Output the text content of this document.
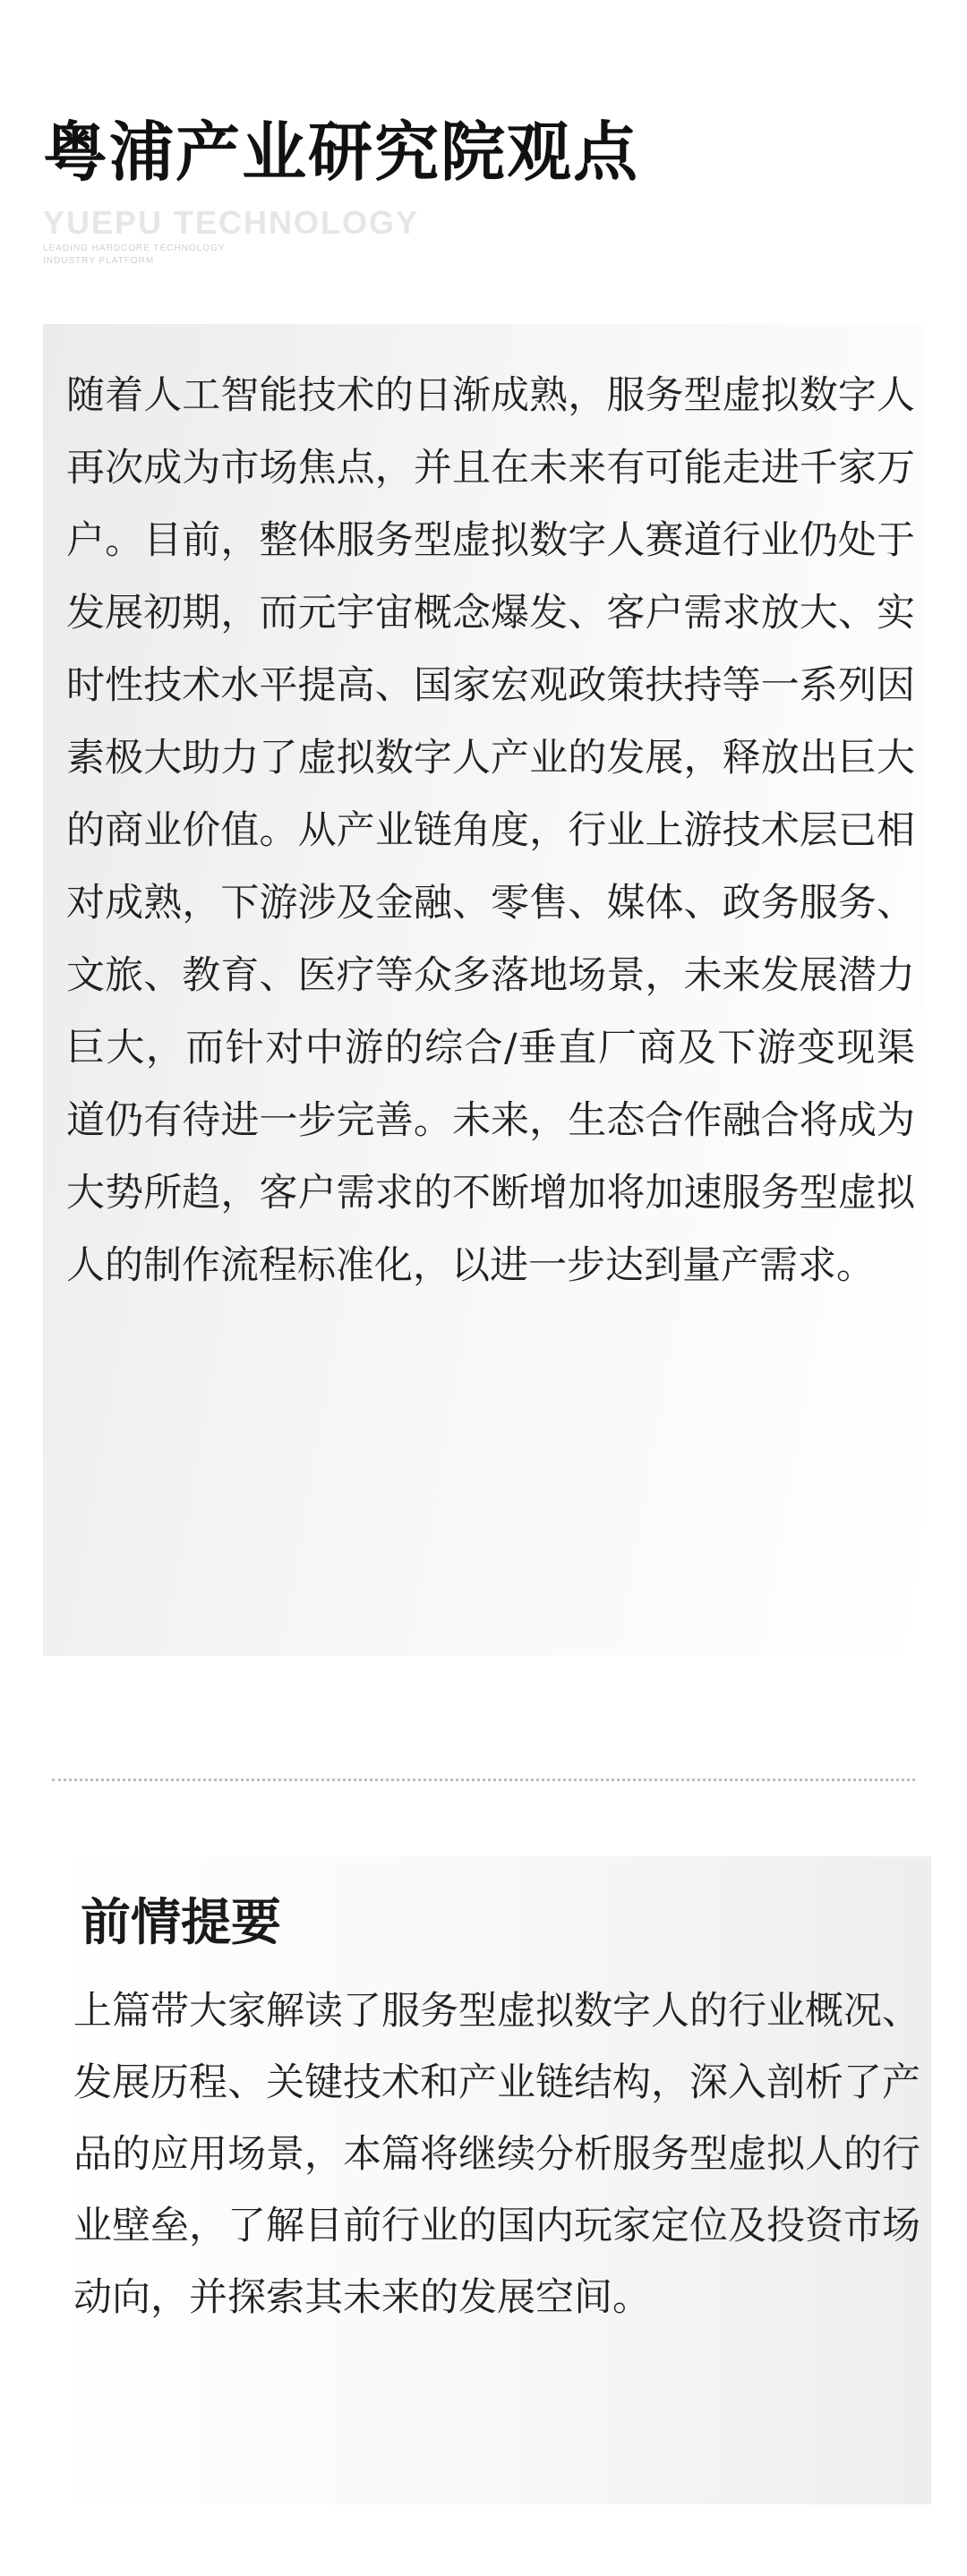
粤浦产业研究院观点
YUEPU TECHNOLOGY
LEADING HARDCORE TECHNOLOGY
INDUSTRY PLATFORM

随着人工智能技术的日渐成熟，服务型虚拟数字人再次成为市场焦点，并且在未来有可能走进千家万户。目前，整体服务型虚拟数字人赛道行业仍处于发展初期，而元宇宙概念爆发、客户需求放大、实时性技术水平提高、国家宏观政策扶持等一系列因素极大助力了虚拟数字人产业的发展，释放出巨大的商业价值。从产业链角度，行业上游技术层已相对成熟，下游涉及金融、零售、媒体、政务服务、文旅、教育、医疗等众多落地场景，未来发展潜力巨大，而针对中游的综合/垂直厂商及下游变现渠道仍有待进一步完善。未来，生态合作融合将成为大势所趋，客户需求的不断增加将加速服务型虚拟人的制作流程标准化，以进一步达到量产需求。

前情提要

上篇带大家解读了服务型虚拟数字人的行业概况、发展历程、关键技术和产业链结构，深入剖析了产品的应用场景，本篇将继续分析服务型虚拟人的行业壁垒，了解目前行业的国内玩家定位及投资市场动向，并探索其未来的发展空间。
